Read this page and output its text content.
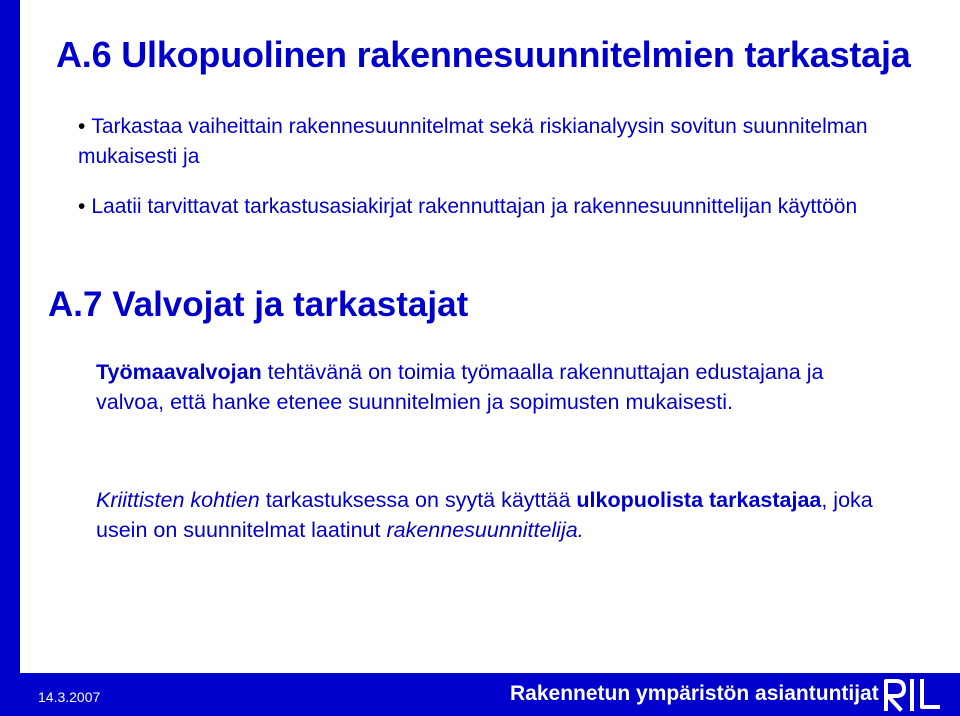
A.6 Ulkopuolinen rakennesuunnitelmien tarkastaja
• Tarkastaa vaiheittain rakennesuunnitelmat sekä riskianalyysin sovitun suunnitelman mukaisesti ja
• Laatii tarvittavat tarkastusasiakirjat rakennuttajan ja rakennesuunnittelijan käyttöön
A.7 Valvojat ja tarkastajat

Työmaavalvojan tehtävänä on toimia työmaalla rakennuttajan edustajana ja valvoa, että hanke etenee suunnitelmien ja sopimusten mukaisesti.

Kriittisten kohtien tarkastuksessa on syytä käyttää ulkopuolista tarkastajaa, joka usein on suunnitelmat laatinut rakennesuunnittelija.

14.3.2007	Rakennetun ympäristön asiantuntijat
